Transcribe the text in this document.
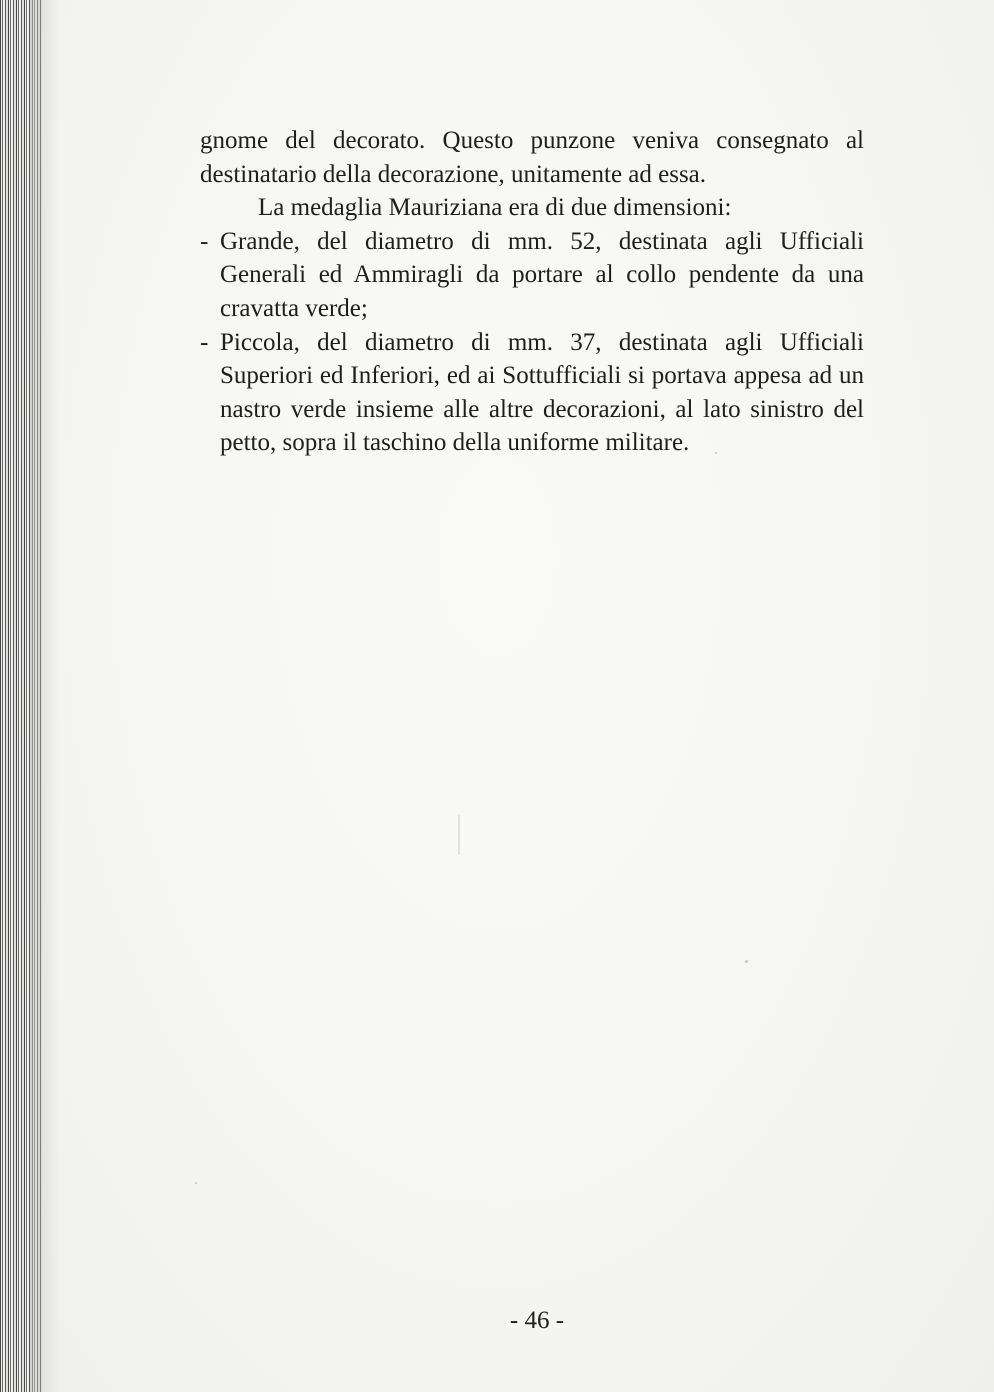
gnome del decorato. Questo punzone veniva consegnato al destinatario della decorazione, unitamente ad essa.

La medaglia Mauriziana era di due dimensioni:

- Grande, del diametro di mm. 52, destinata agli Ufficiali Generali ed Ammiragli da portare al collo pendente da una cravatta verde;

- Piccola, del diametro di mm. 37, destinata agli Ufficiali Superiori ed Inferiori, ed ai Sottufficiali si portava appesa ad un nastro verde insieme alle altre decorazioni, al lato sinistro del petto, sopra il taschino della uniforme militare.

- 46 -
